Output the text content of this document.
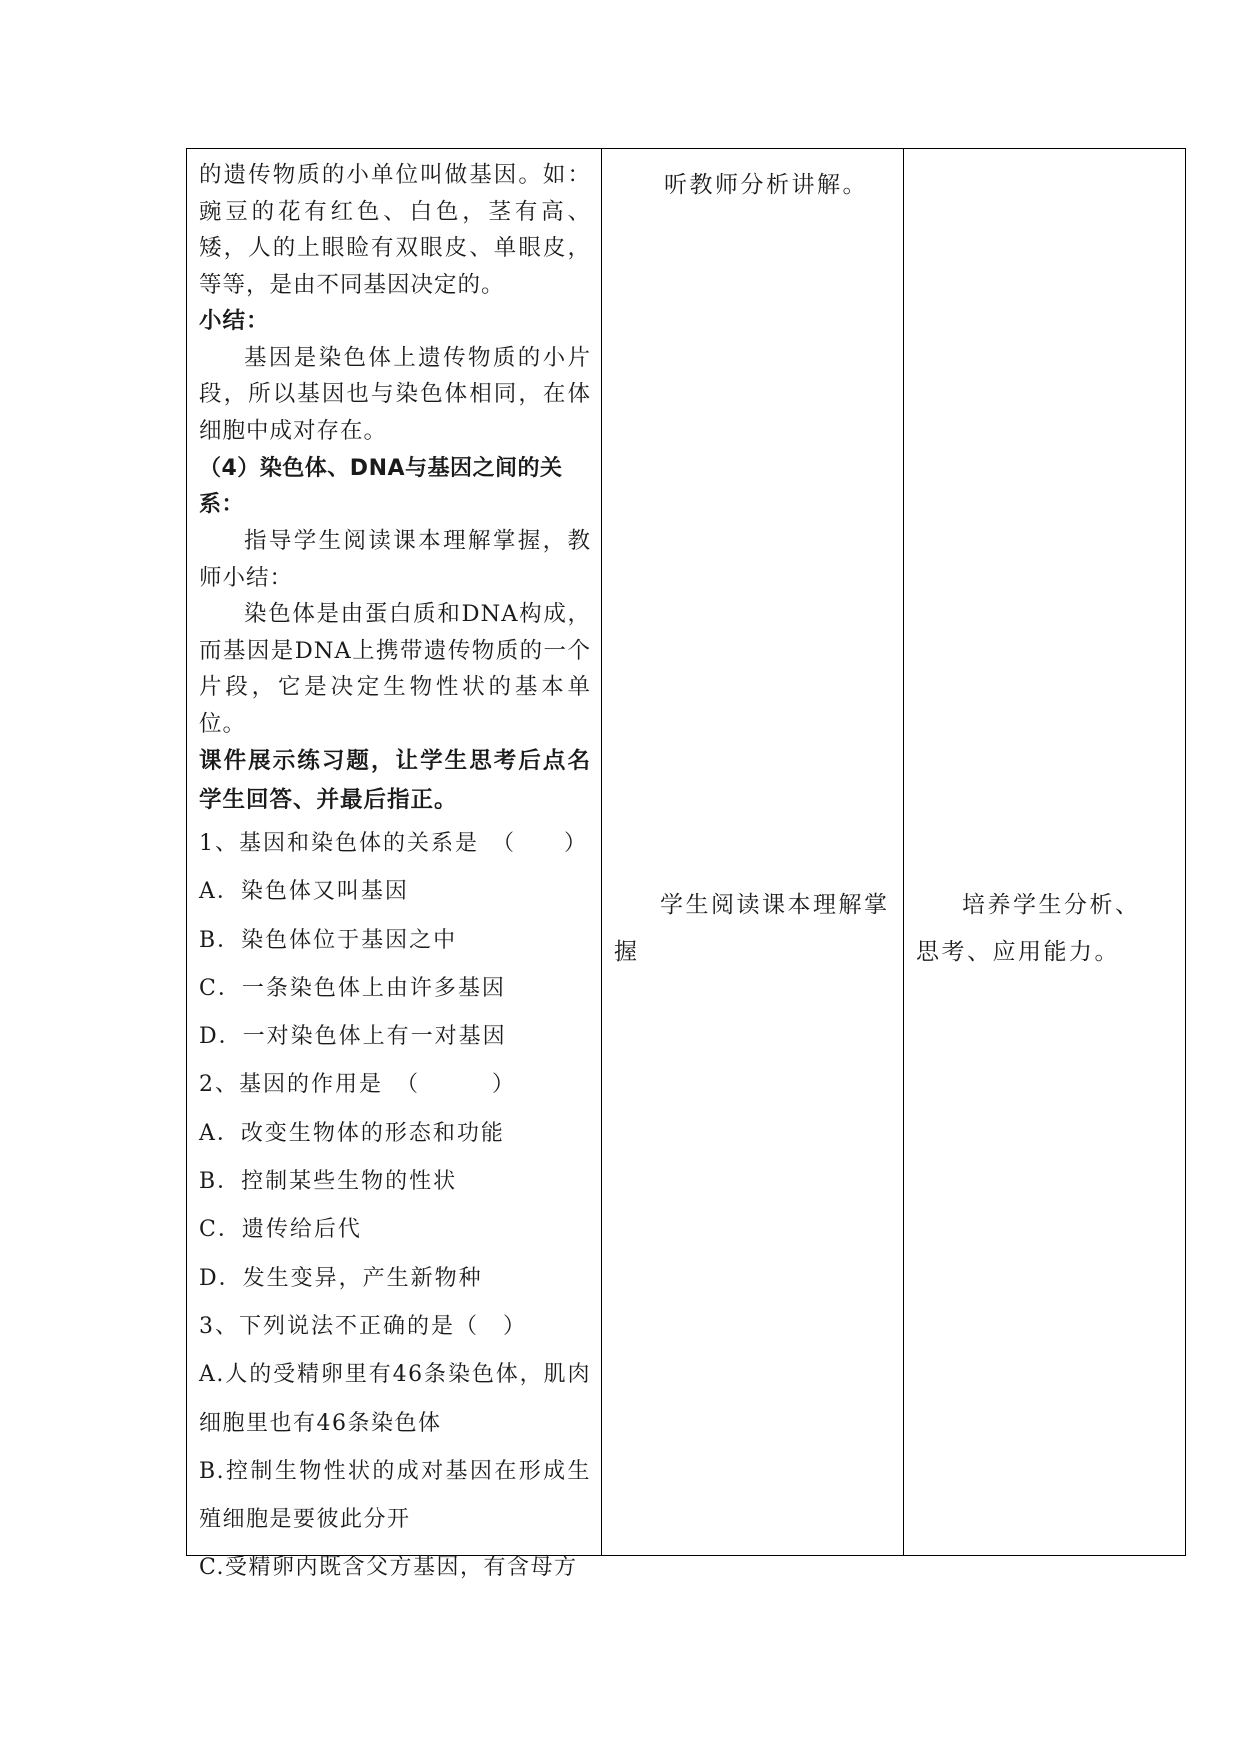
的遗传物质的小单位叫做基因。如：豌豆的花有红色、白色，茎有高、矮，人的上眼睑有双眼皮、单眼皮，等等，是由不同基因决定的。

小结：

基因是染色体上遗传物质的小片段，所以基因也与染色体相同，在体细胞中成对存在。

（4）染色体、DNA与基因之间的关系：

指导学生阅读课本理解掌握，教师小结：

染色体是由蛋白质和DNA构成，而基因是DNA上携带遗传物质的一个片段，它是决定生物性状的基本单位。

课件展示练习题，让学生思考后点名学生回答、并最后指正。

1、基因和染色体的关系是　（　　）

A．染色体又叫基因

B．染色体位于基因之中

C．一条染色体上由许多基因

D．一对染色体上有一对基因

2、基因的作用是　（　　　）

A．改变生物体的形态和功能

B．控制某些生物的性状

C．遗传给后代

D．发生变异，产生新物种

3、下列说法不正确的是（　）

A.人的受精卵里有46条染色体，肌肉细胞里也有46条染色体

B.控制生物性状的成对基因在形成生殖细胞是要彼此分开

C.受精卵内既含父方基因，有含母方

听教师分析讲解。

学生阅读课本理解掌握

培养学生分析、思考、应用能力。
